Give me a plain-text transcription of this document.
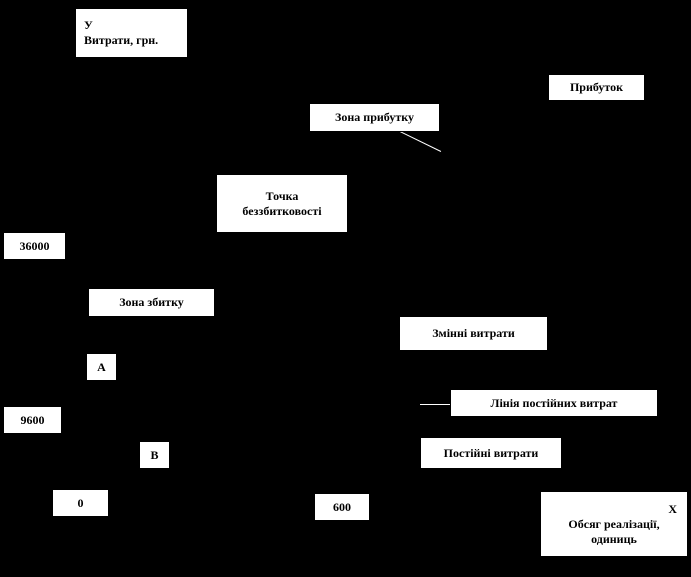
У
Витрати, грн.
Прибуток
Зона прибутку
Точка
беззбитковості
36000
Зона збитку
Змінні витрати
А
Лінія постійних витрат
9600
Постійні витрати
В
0	600	Х
Обсяг реалізації,
одиниць
